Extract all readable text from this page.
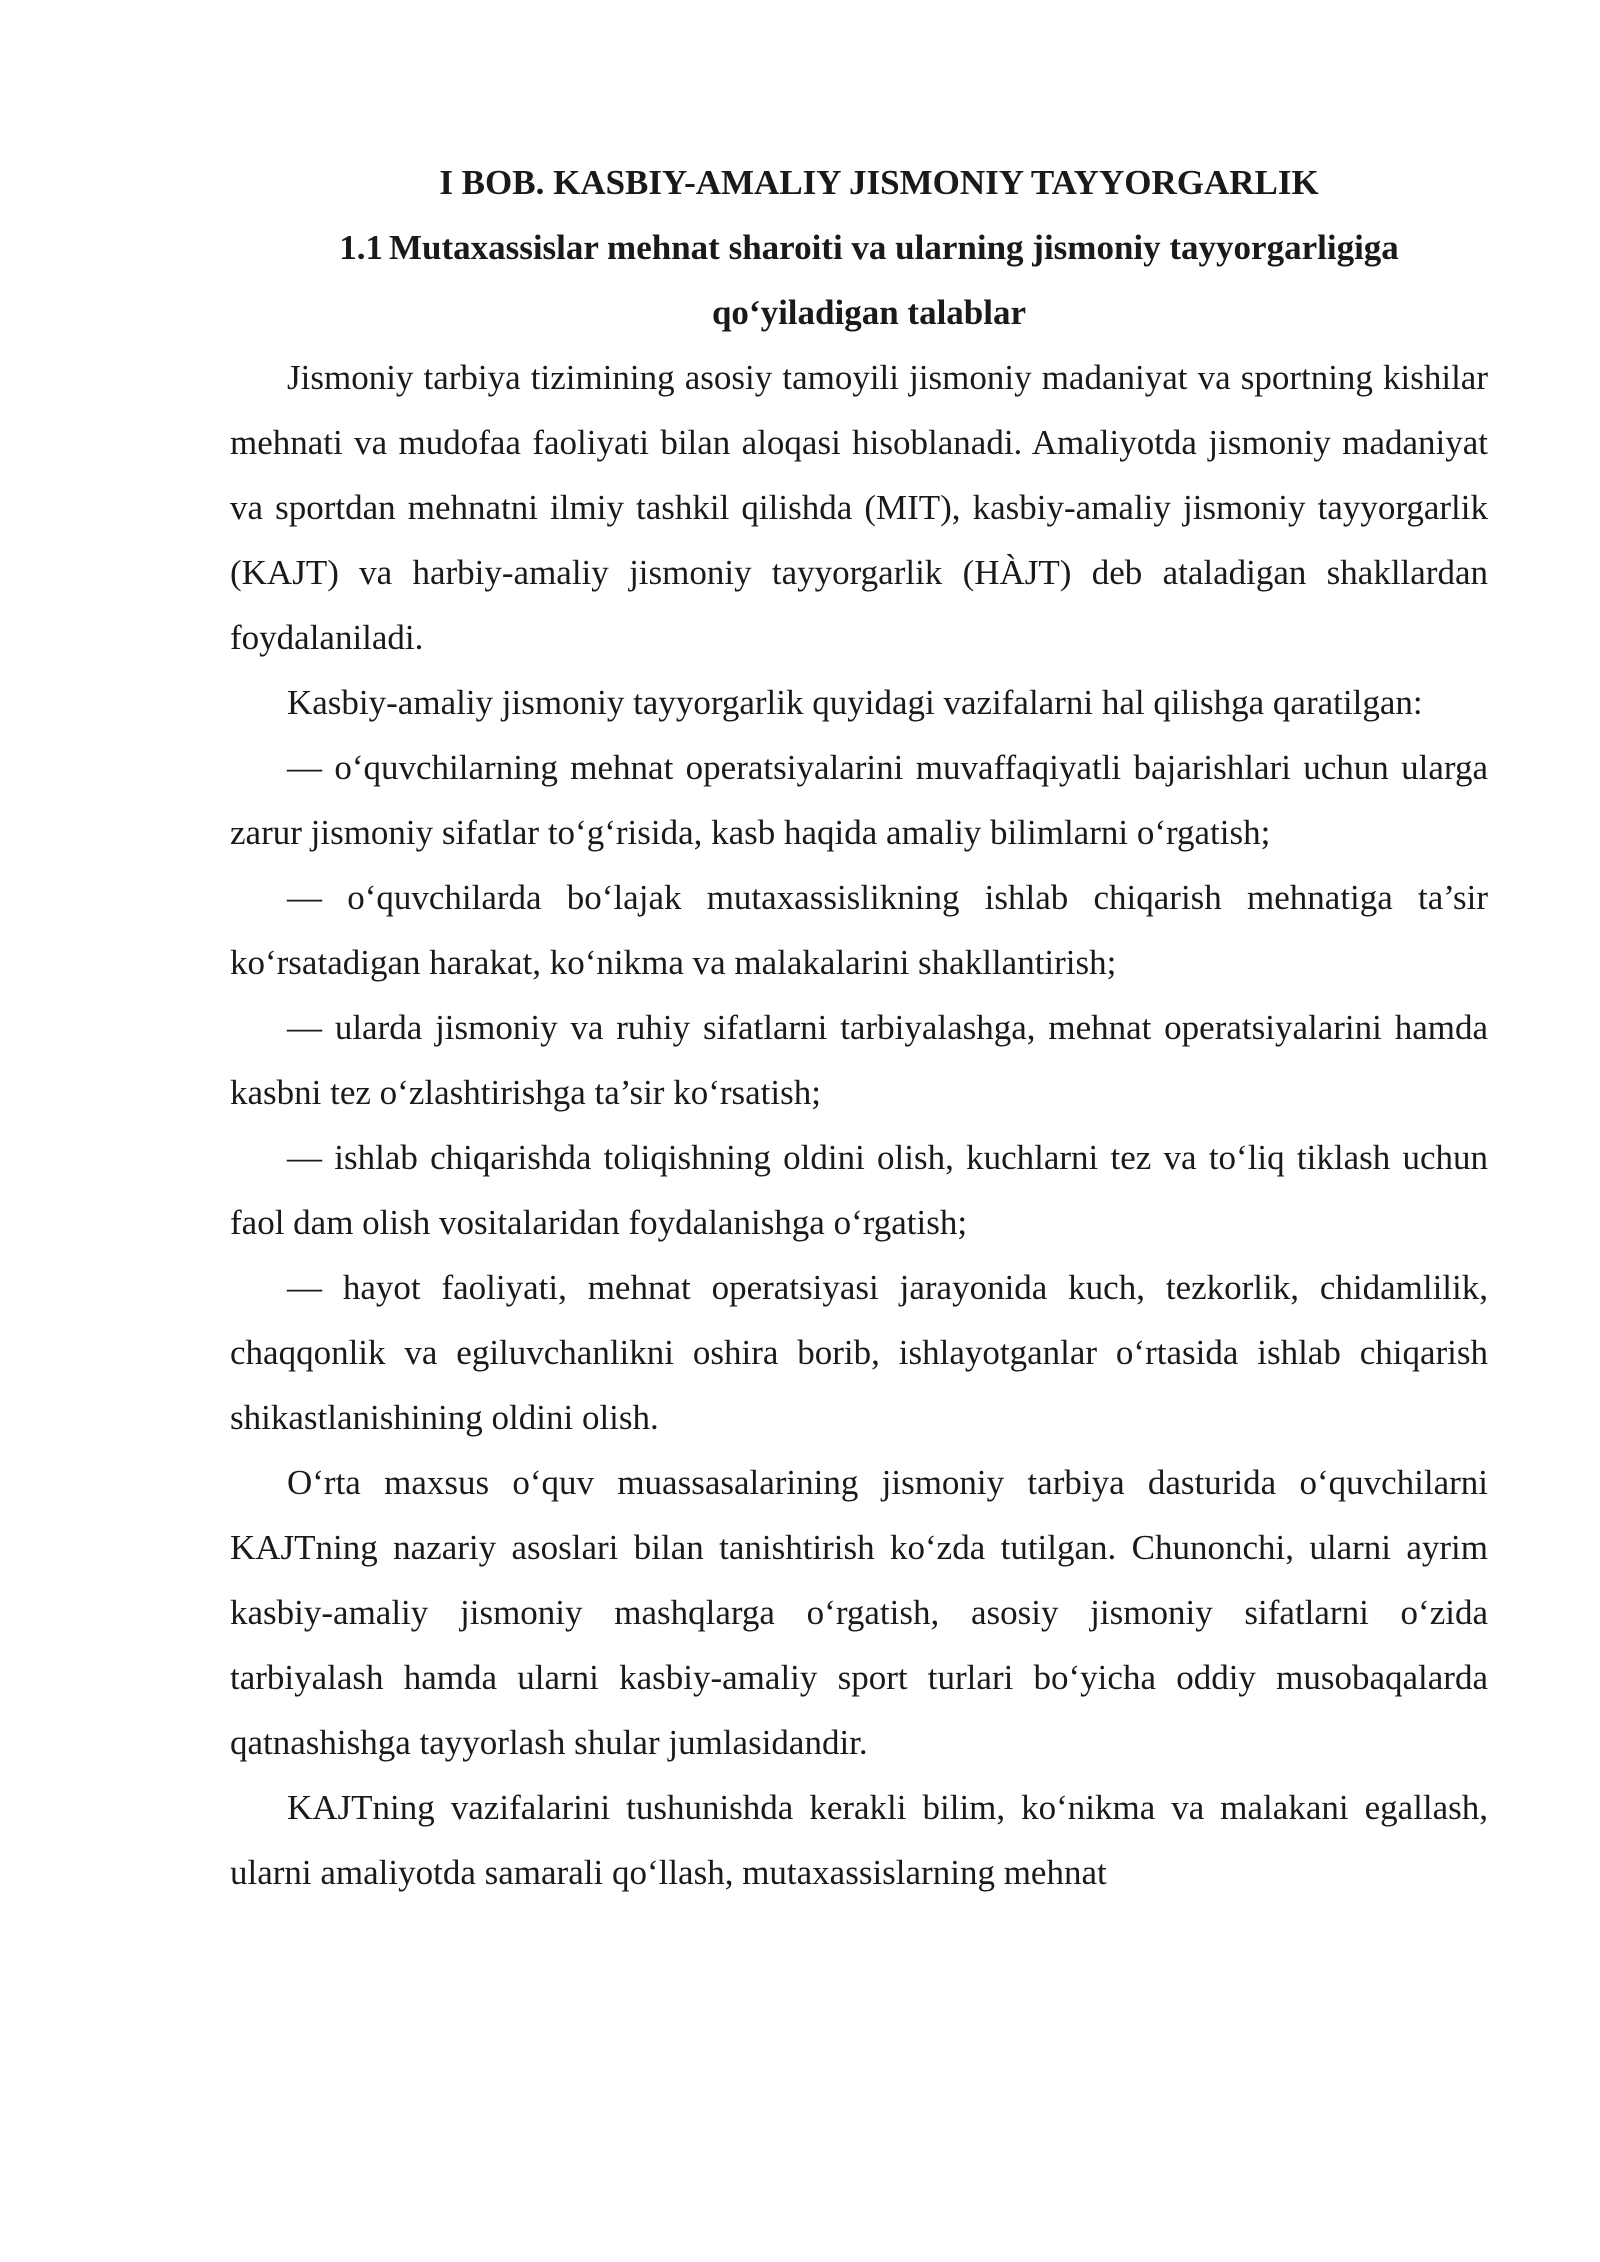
I BOB. KASBIY-AMALIY JISMONIY TAYYORGARLIK
1.1 Mutaxassislar mehnat sharoiti va ularning jismoniy tayyorgarligiga qo‘yiladigan talablar

Jismoniy tarbiya tizimining asosiy tamoyili jismoniy madaniyat va sportning kishilar mehnati va mudofaa faoliyati bilan aloqasi hisoblanadi. Amaliyotda jismoniy madaniyat va sportdan mehnatni ilmiy tashkil qilishda (MIT), kasbiy-amaliy jismoniy tayyorgarlik (KAJT) va harbiy-amaliy jismoniy tayyorgarlik (HÀJT) deb ataladigan shakllardan foydalaniladi.

Kasbiy-amaliy jismoniy tayyorgarlik quyidagi vazifalarni hal qilishga qaratilgan:

— o‘quvchilarning mehnat operatsiyalarini muvaffaqiyatli bajarishlari uchun ularga zarur jismoniy sifatlar to‘g‘risida, kasb haqida amaliy bilimlarni o‘rgatish;

— o‘quvchilarda bo‘lajak mutaxassislikning ishlab chiqarish mehnatiga ta’sir ko‘rsatadigan harakat, ko‘nikma va malakalarini shakllantirish;

— ularda jismoniy va ruhiy sifatlarni tarbiyalashga, mehnat operatsiyalarini hamda kasbni tez o‘zlashtirishga ta’sir ko‘rsatish;

— ishlab chiqarishda toliqishning oldini olish, kuchlarni tez va to‘liq tiklash uchun faol dam olish vositalaridan foydalanishga o‘rgatish;

— hayot faoliyati, mehnat operatsiyasi jarayonida kuch, tezkorlik, chidamlilik, chaqqonlik va egiluvchanlikni oshira borib, ishlayotganlar o‘rtasida ishlab chiqarish shikastlanishining oldini olish.

O‘rta maxsus o‘quv muassasalarining jismoniy tarbiya dasturida o‘quvchilarni KAJTning nazariy asoslari bilan tanishtirish ko‘zda tutilgan. Chunonchi, ularni ayrim kasbiy-amaliy jismoniy mashqlarga o‘rgatish, asosiy jismoniy sifatlarni o‘zida tarbiyalash hamda ularni kasbiy-amaliy sport turlari bo‘yicha oddiy musobaqalarda qatnashishga tayyorlash shular jumlasidandir.

KAJTning vazifalarini tushunishda kerakli bilim, ko‘nikma va malakani egallash, ularni amaliyotda samarali qo‘llash, mutaxassislarning mehnat
